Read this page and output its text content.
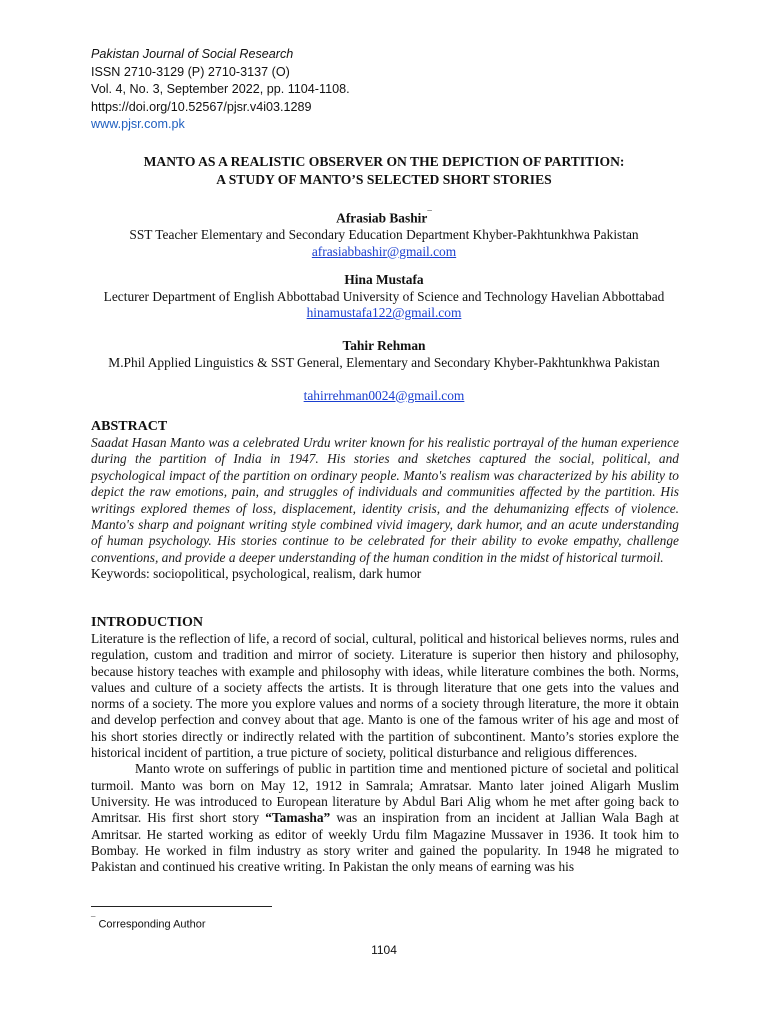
Pakistan Journal of Social Research
ISSN 2710-3129 (P) 2710-3137 (O)
Vol. 4, No. 3, September 2022, pp. 1104-1108.
https://doi.org/10.52567/pjsr.v4i03.1289
www.pjsr.com.pk
MANTO AS A REALISTIC OBSERVER ON THE DEPICTION OF PARTITION:
A STUDY OF MANTO’S SELECTED SHORT STORIES
Afrasiab Bashir¯
SST Teacher Elementary and Secondary Education Department Khyber-Pakhtunkhwa Pakistan
afrasiabbashir@gmail.com
Hina Mustafa
Lecturer Department of English Abbottabad University of Science and Technology Havelian Abbottabad
hinamustafa122@gmail.com
Tahir Rehman
M.Phil Applied Linguistics & SST General, Elementary and Secondary Khyber-Pakhtunkhwa Pakistan
tahirrehman0024@gmail.com
ABSTRACT

Saadat Hasan Manto was a celebrated Urdu writer known for his realistic portrayal of the human experience during the partition of India in 1947. His stories and sketches captured the social, political, and psychological impact of the partition on ordinary people. Manto's realism was characterized by his ability to depict the raw emotions, pain, and struggles of individuals and communities affected by the partition. His writings explored themes of loss, displacement, identity crisis, and the dehumanizing effects of violence. Manto's sharp and poignant writing style combined vivid imagery, dark humor, and an acute understanding of human psychology. His stories continue to be celebrated for their ability to evoke empathy, challenge conventions, and provide a deeper understanding of the human condition in the midst of historical turmoil.

Keywords: sociopolitical, psychological, realism, dark humor

INTRODUCTION

Literature is the reflection of life, a record of social, cultural, political and historical believes norms, rules and regulation, custom and tradition and mirror of society. Literature is superior then history and philosophy, because history teaches with example and philosophy with ideas, while literature combines the both. Norms, values and culture of a society affects the artists. It is through literature that one gets into the values and norms of a society. The more you explore values and norms of a society through literature, the more it obtain and develop perfection and convey about that age. Manto is one of the famous writer of his age and most of his short stories directly or indirectly related with the partition of subcontinent. Manto’s stories explore the historical incident of partition, a true picture of society, political disturbance and religious differences.

Manto wrote on sufferings of public in partition time and mentioned picture of societal and political turmoil. Manto was born on May 12, 1912 in Samrala; Amratsar. Manto later joined Aligarh Muslim University. He was introduced to European literature by Abdul Bari Alig whom he met after going back to Amritsar. His first short story “Tamasha” was an inspiration from an incident at Jallian Wala Bagh at Amritsar. He started working as editor of weekly Urdu film Magazine Mussaver in 1936. It took him to Bombay. He worked in film industry as story writer and gained the popularity. In 1948 he migrated to Pakistan and continued his creative writing. In Pakistan the only means of earning was his

¯ Corresponding Author
1104
